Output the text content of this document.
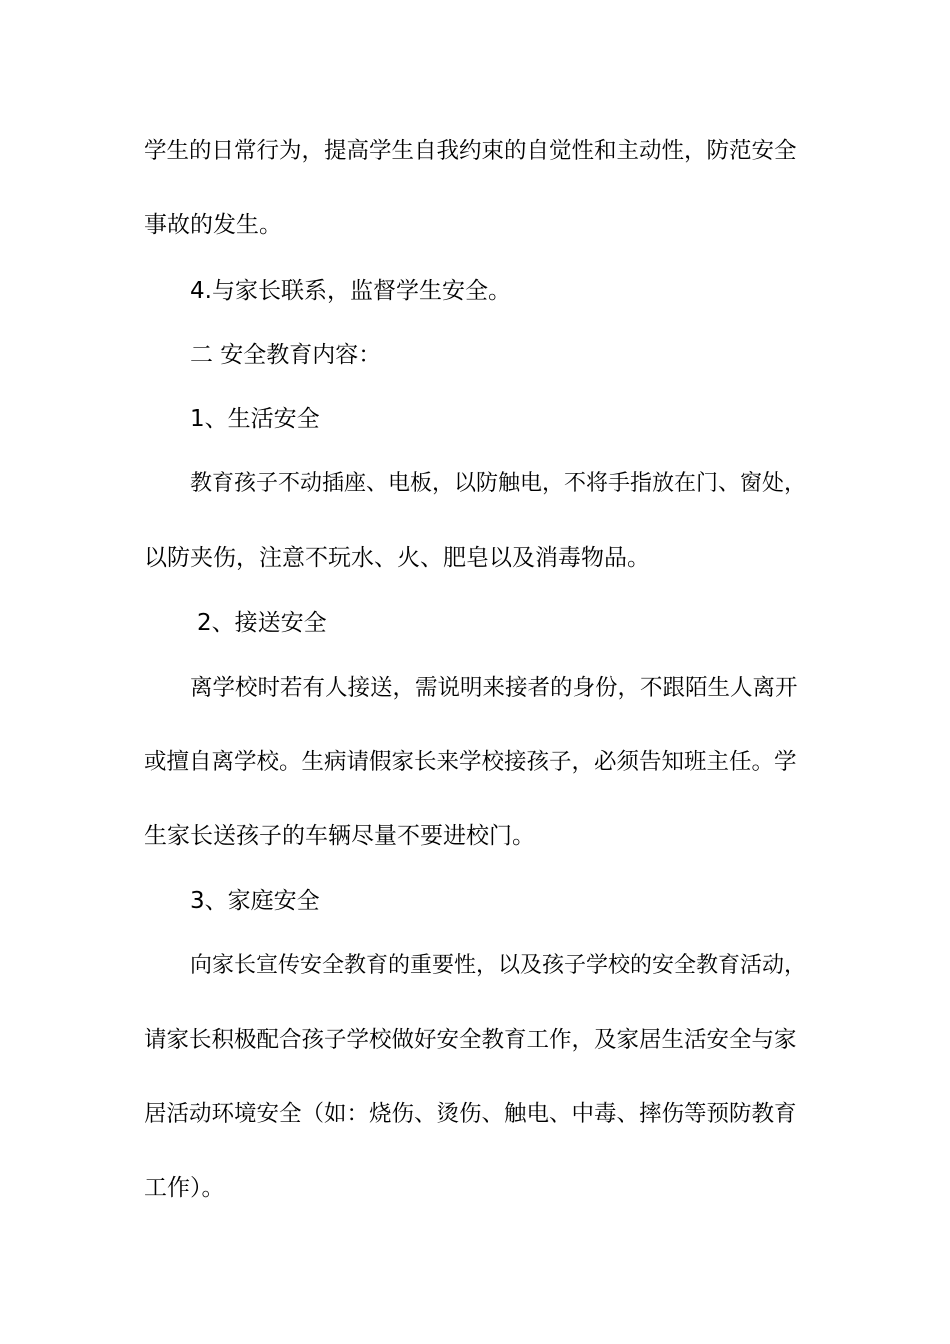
学生的日常行为，提高学生自我约束的自觉性和主动性，防范安全
事故的发生。
4.与家长联系，监督学生安全。
二 安全教育内容：
1、生活安全
教育孩子不动插座、电板，以防触电，不将手指放在门、窗处，
以防夹伤，注意不玩水、火、肥皂以及消毒物品。
2、接送安全
离学校时若有人接送，需说明来接者的身份，不跟陌生人离开
或擅自离学校。生病请假家长来学校接孩子，必须告知班主任。学
生家长送孩子的车辆尽量不要进校门。
3、家庭安全
向家长宣传安全教育的重要性，以及孩子学校的安全教育活动，
请家长积极配合孩子学校做好安全教育工作，及家居生活安全与家
居活动环境安全（如：烧伤、烫伤、触电、中毒、摔伤等预防教育
工作）。
